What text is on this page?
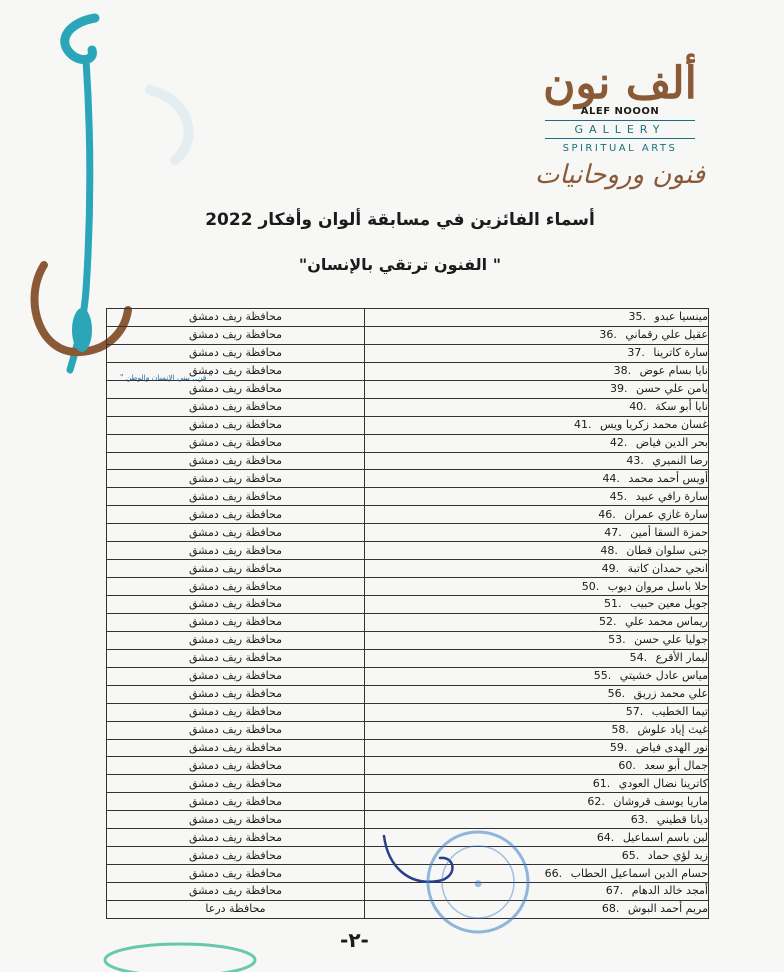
" فن.. يبني الإنسان والوطن "
ألف نون
ALEF NOOON
GALLERY
SPIRITUAL ARTS
فنون وروحانيات
أسماء الفائزين في مسابقة ألوان وأفكار 2022
" الفنون ترتقي بالإنسان"
محافظة ريف دمشق	مينسيا عبدو35.
محافظة ريف دمشق	عقيل علي رقماني36.
محافظة ريف دمشق	سارة كاترينا37.
محافظة ريف دمشق	نايا بسام عوض38.
محافظة ريف دمشق	يامن علي حسن39.
محافظة ريف دمشق	نايا أبو سكة40.
محافظة ريف دمشق	غسان محمد زكريا ويس41.
محافظة ريف دمشق	بحر الدين فياض42.
محافظة ريف دمشق	رضا النميري43.
محافظة ريف دمشق	أويس أحمد محمد44.
محافظة ريف دمشق	سارة رافي عبيد45.
محافظة ريف دمشق	سارة غازي عمران46.
محافظة ريف دمشق	حمزة السقا أمين47.
محافظة ريف دمشق	جنى سلوان قطان48.
محافظة ريف دمشق	انجي حمدان كاتبة49.
محافظة ريف دمشق	حلا باسل مروان ديوب50.
محافظة ريف دمشق	جويل معين حبيب51.
محافظة ريف دمشق	ريماس محمد علي52.
محافظة ريف دمشق	جوليا علي حسن53.
محافظة ريف دمشق	ليمار الأقرع54.
محافظة ريف دمشق	مياس عادل خشيتي55.
محافظة ريف دمشق	علي محمد زريق56.
محافظة ريف دمشق	تيما الخطيب57.
محافظة ريف دمشق	غيث إياد علوش58.
محافظة ريف دمشق	نور الهدى فياض59.
محافظة ريف دمشق	جمال أبو سعد60.
محافظة ريف دمشق	كاترينا نضال العودي61.
محافظة ريف دمشق	ماريا يوسف قروشان62.
محافظة ريف دمشق	ديانا قطيني63.
محافظة ريف دمشق	لين باسم اسماعيل64.
محافظة ريف دمشق	زيد لؤي حماد65.
محافظة ريف دمشق	حسام الدين اسماعيل الحطاب66.
محافظة ريف دمشق	أمجد خالد الدهام67.
محافظة درعا	مريم أحمد البوش68.
●
-٢-
